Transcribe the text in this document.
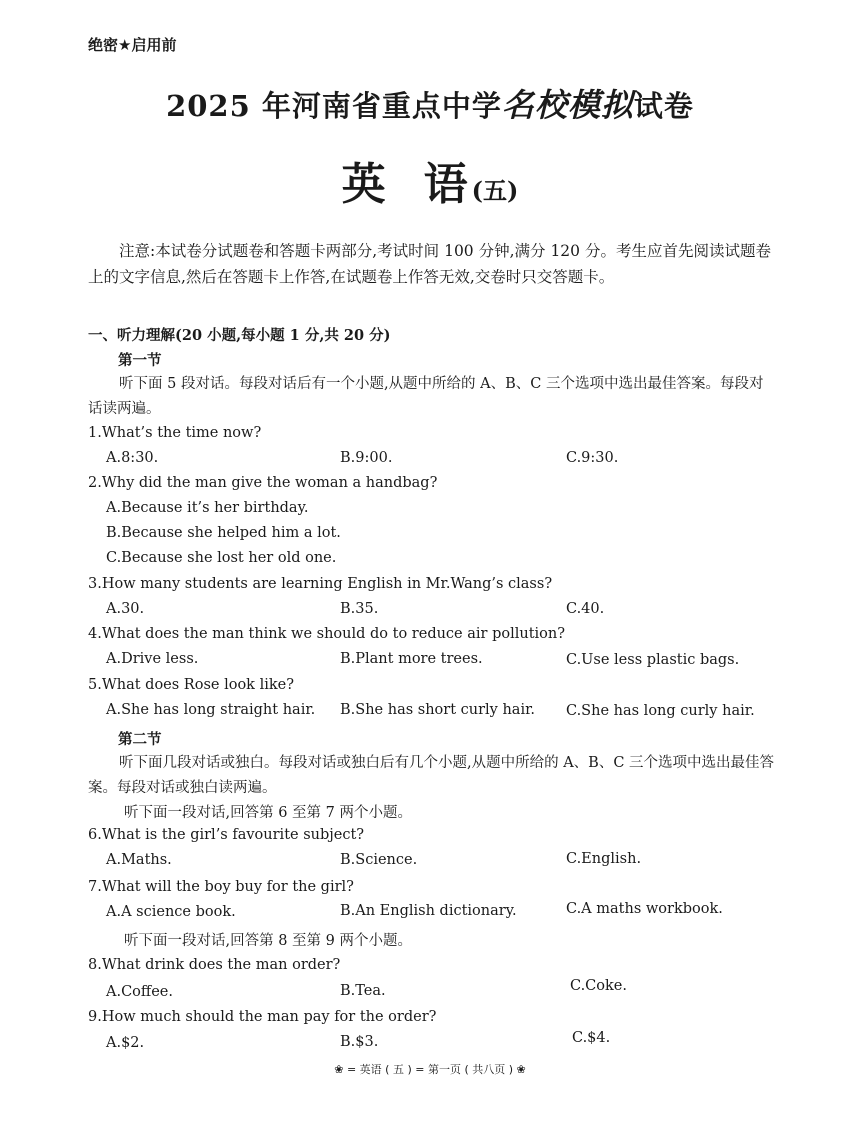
绝密★启用前
2025 年河南省重点中学名校模拟试卷
英 语 (五)
注意:本试卷分试题卷和答题卡两部分,考试时间 100 分钟,满分 120 分。考生应首先阅读试题卷上的文字信息,然后在答题卡上作答,在试题卷上作答无效,交卷时只交答题卡。
一、听力理解(20 小题,每小题 1 分,共 20 分)
第一节
听下面 5 段对话。每段对话后有一个小题,从题中所给的 A、B、C 三个选项中选出最佳答案。每段对话读两遍。
1.What’s the time now?
A.8:30.	B.9:00.	C.9:30.
2.Why did the man give the woman a handbag?
A.Because it’s her birthday.
B.Because she helped him a lot.
C.Because she lost her old one.
3.How many students are learning English in Mr.Wang’s class?
A.30.	B.35.	C.40.
4.What does the man think we should do to reduce air pollution?
A.Drive less.	B.Plant more trees.	C.Use less plastic bags.
5.What does Rose look like?
A.She has long straight hair. B.She has short curly hair. C.She has long curly hair.
第二节
听下面几段对话或独白。每段对话或独白后有几个小题,从题中所给的 A、B、C 三个选项中选出最佳答案。每段对话或独白读两遍。
听下面一段对话,回答第 6 至第 7 两个小题。
6.What is the girl’s favourite subject?
A.Maths.	B.Science.	C.English.
7.What will the boy buy for the girl?
A.A science book.	B.An English dictionary.	C.A maths workbook.
听下面一段对话,回答第 8 至第 9 两个小题。
8.What drink does the man order?
A.Coffee.	B.Tea.	C.Coke.
9.How much should the man pay for the order?
A.$2.	B.$3.	C.$4.
❀ = 英语 ( 五 ) = 第一页 ( 共八页 ) ❀
